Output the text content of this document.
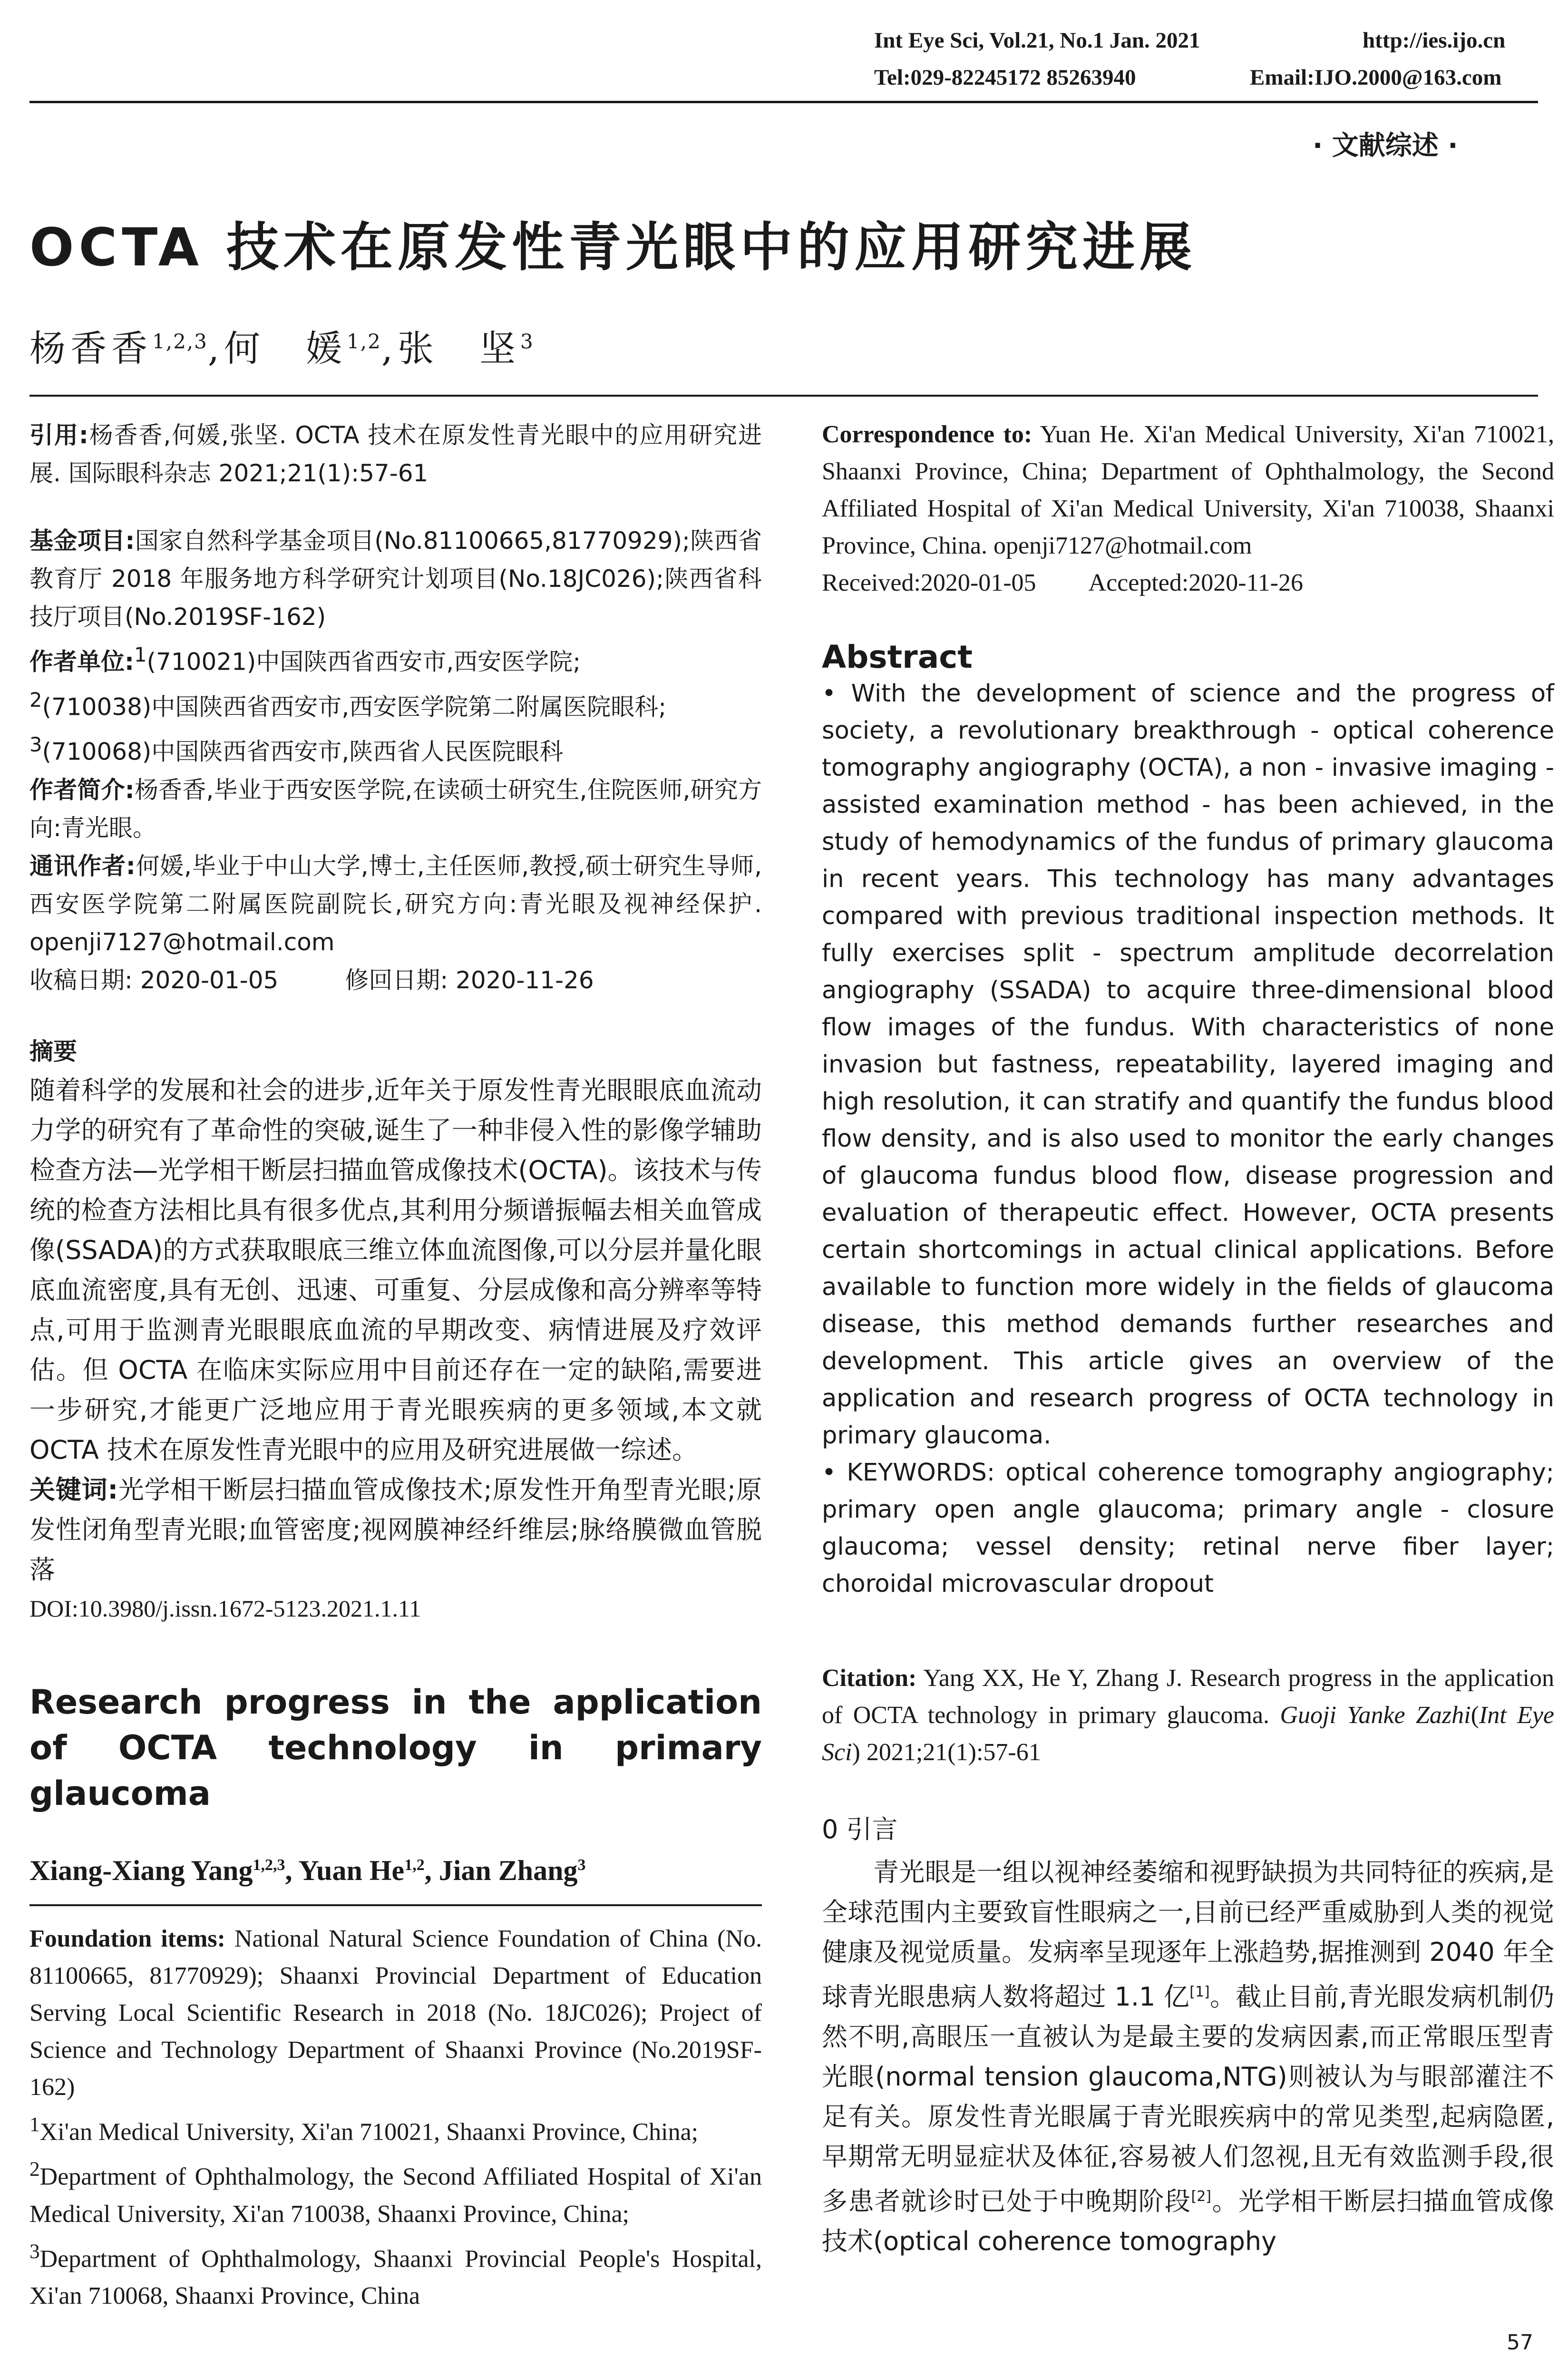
Int Eye Sci, Vol.21, No.1 Jan. 2021	http://ies.ijo.cn
Tel:029-82245172 85263940	Email:IJO.2000@163.com
· 文献综述 ·
OCTA 技术在原发性青光眼中的应用研究进展
杨香香$^{1,2,3}$,何　媛$^{1,2}$,张　坚$^3$

引用:杨香香,何媛,张坚. OCTA 技术在原发性青光眼中的应用研究进展. 国际眼科杂志 2021;21(1):57-61

基金项目:国家自然科学基金项目(No.81100665,81770929);陕西省教育厅 2018 年服务地方科学研究计划项目(No.18JC026);陕西省科技厅项目(No.2019SF-162)

作者单位:$^1$(710021)中国陕西省西安市,西安医学院;
$^2$(710038)中国陕西省西安市,西安医学院第二附属医院眼科;
$^3$(710068)中国陕西省西安市,陕西省人民医院眼科

作者简介:杨香香,毕业于西安医学院,在读硕士研究生,住院医师,研究方向:青光眼。

通讯作者:何媛,毕业于中山大学,博士,主任医师,教授,硕士研究生导师,西安医学院第二附属医院副院长,研究方向:青光眼及视神经保护. openji7127@hotmail.com

收稿日期: 2020-01-05	修回日期: 2020-11-26

摘要

随着科学的发展和社会的进步,近年关于原发性青光眼眼底血流动力学的研究有了革命性的突破,诞生了一种非侵入性的影像学辅助检查方法—光学相干断层扫描血管成像技术(OCTA)。该技术与传统的检查方法相比具有很多优点,其利用分频谱振幅去相关血管成像(SSADA)的方式获取眼底三维立体血流图像,可以分层并量化眼底血流密度,具有无创、迅速、可重复、分层成像和高分辨率等特点,可用于监测青光眼眼底血流的早期改变、病情进展及疗效评估。但 OCTA 在临床实际应用中目前还存在一定的缺陷,需要进一步研究,才能更广泛地应用于青光眼疾病的更多领域,本文就 OCTA 技术在原发性青光眼中的应用及研究进展做一综述。

关键词:光学相干断层扫描血管成像技术;原发性开角型青光眼;原发性闭角型青光眼;血管密度;视网膜神经纤维层;脉络膜微血管脱落

DOI:10.3980/j.issn.1672-5123.2021.1.11

Research progress in the application of OCTA technology in primary glaucoma

Xiang-Xiang Yang$^{1,2,3}$, Yuan He$^{1,2}$, Jian Zhang$^3$

Foundation items: National Natural Science Foundation of China (No. 81100665, 81770929); Shaanxi Provincial Department of Education Serving Local Scientific Research in 2018 (No. 18JC026); Project of Science and Technology Department of Shaanxi Province (No.2019SF-162)

$^1$Xi'an Medical University, Xi'an 710021, Shaanxi Province, China;

$^2$Department of Ophthalmology, the Second Affiliated Hospital of Xi'an Medical University, Xi'an 710038, Shaanxi Province, China;

$^3$Department of Ophthalmology, Shaanxi Provincial People's Hospital, Xi'an 710068, Shaanxi Province, China

Correspondence to: Yuan He. Xi'an Medical University, Xi'an 710021, Shaanxi Province, China; Department of Ophthalmology, the Second Affiliated Hospital of Xi'an Medical University, Xi'an 710038, Shaanxi Province, China. openji7127@hotmail.com

Received:2020-01-05 Accepted:2020-11-26

Abstract

• With the development of science and the progress of society, a revolutionary breakthrough - optical coherence tomography angiography (OCTA), a non - invasive imaging - assisted examination method - has been achieved, in the study of hemodynamics of the fundus of primary glaucoma in recent years. This technology has many advantages compared with previous traditional inspection methods. It fully exercises split - spectrum amplitude decorrelation angiography (SSADA) to acquire three-dimensional blood flow images of the fundus. With characteristics of none invasion but fastness, repeatability, layered imaging and high resolution, it can stratify and quantify the fundus blood flow density, and is also used to monitor the early changes of glaucoma fundus blood flow, disease progression and evaluation of therapeutic effect. However, OCTA presents certain shortcomings in actual clinical applications. Before available to function more widely in the fields of glaucoma disease, this method demands further researches and development. This article gives an overview of the application and research progress of OCTA technology in primary glaucoma.

• KEYWORDS: optical coherence tomography angiography; primary open angle glaucoma; primary angle - closure glaucoma; vessel density; retinal nerve fiber layer; choroidal microvascular dropout

Citation: Yang XX, He Y, Zhang J. Research progress in the application of OCTA technology in primary glaucoma. Guoji Yanke Zazhi(Int Eye Sci) 2021;21(1):57-61

0 引言

青光眼是一组以视神经萎缩和视野缺损为共同特征的疾病,是全球范围内主要致盲性眼病之一,目前已经严重威胁到人类的视觉健康及视觉质量。发病率呈现逐年上涨趋势,据推测到 2040 年全球青光眼患病人数将超过 1.1 亿[1]。截止目前,青光眼发病机制仍然不明,高眼压一直被认为是最主要的发病因素,而正常眼压型青光眼(normal tension glaucoma,NTG)则被认为与眼部灌注不足有关。原发性青光眼属于青光眼疾病中的常见类型,起病隐匿,早期常无明显症状及体征,容易被人们忽视,且无有效监测手段,很多患者就诊时已处于中晚期阶段[2]。光学相干断层扫描血管成像技术(optical coherence tomography

57
